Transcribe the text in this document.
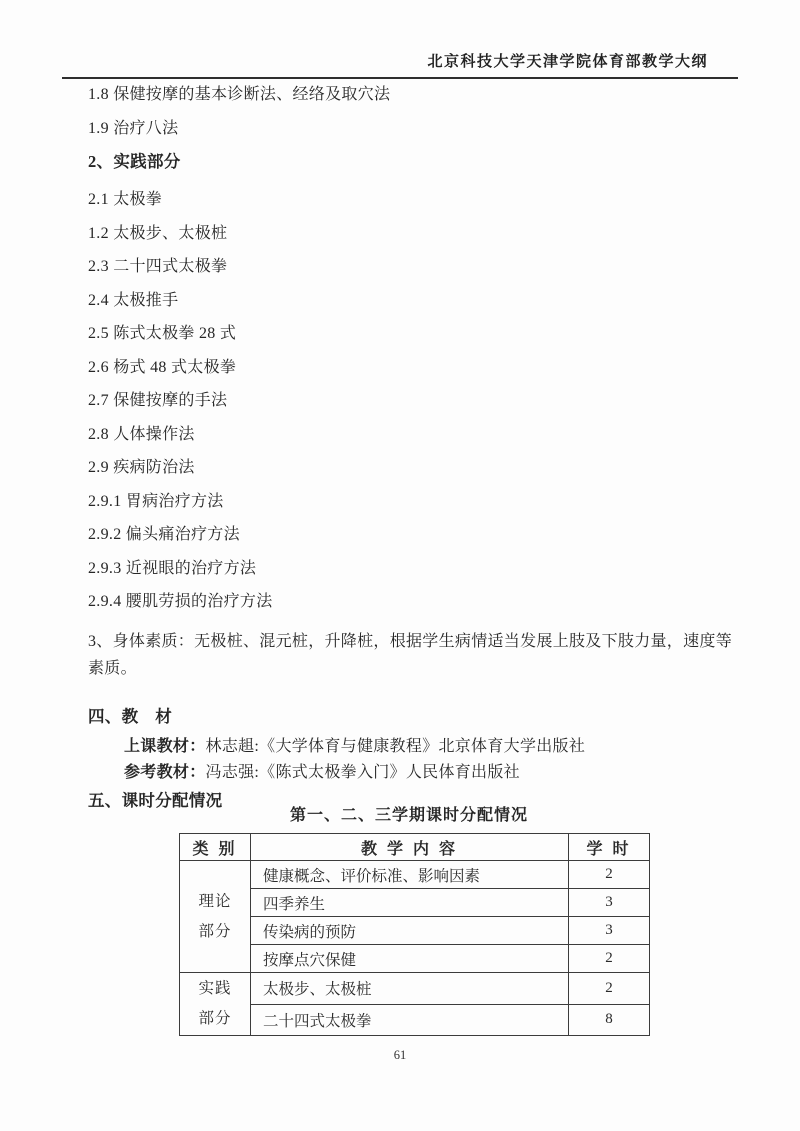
北京科技大学天津学院体育部教学大纲

1.8 保健按摩的基本诊断法、经络及取穴法

1.9 治疗八法

2、实践部分

2.1 太极拳

1.2 太极步、太极桩

2.3 二十四式太极拳

2.4 太极推手

2.5 陈式太极拳 28 式

2.6 杨式 48 式太极拳

2.7 保健按摩的手法

2.8 人体操作法

2.9 疾病防治法

2.9.1 胃病治疗方法

2.9.2 偏头痛治疗方法

2.9.3 近视眼的治疗方法

2.9.4 腰肌劳损的治疗方法

3、身体素质：无极桩、混元桩，升降桩，根据学生病情适当发展上肢及下肢力量，速度等素质。

四、教　材

上课教材：林志趄:《大学体育与健康教程》北京体育大学出版社

参考教材：冯志强:《陈式太极拳入门》人民体育出版社

五、课时分配情况
第一、二、三学期课时分配情况
类 别	教 学 内 容	学 时

理论
部分	健康概念、评价标准、影响因素	2
	四季养生	3
	传染病的预防	3
	按摩点穴保健	2

实践
部分	太极步、太极桩	2
	二十四式太极拳	8
61
